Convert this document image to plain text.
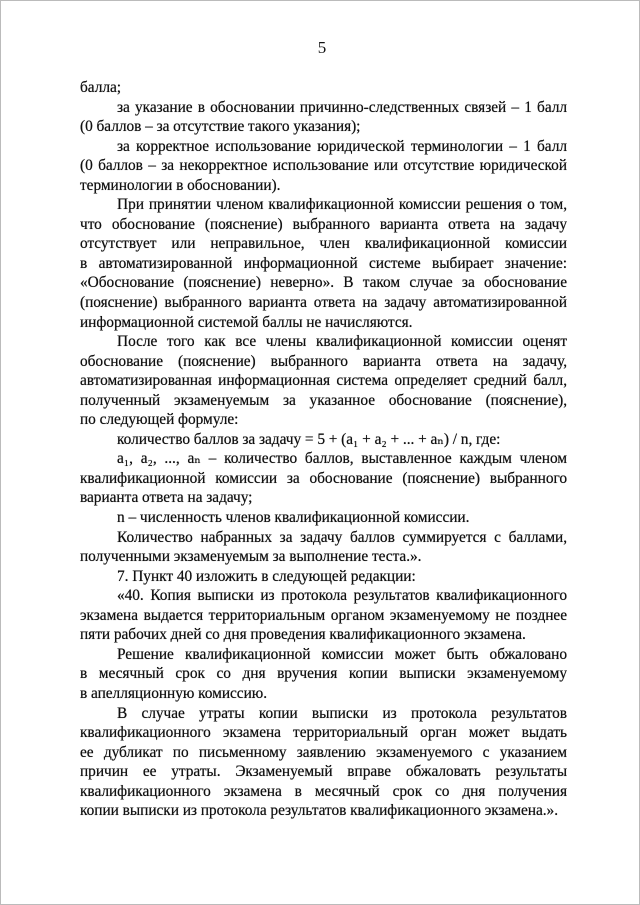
5
балла;
за указание в обосновании причинно-следственных связей – 1 балл
(0 баллов – за отсутствие такого указания);
за корректное использование юридической терминологии – 1 балл
(0 баллов – за некорректное использование или отсутствие юридической
терминологии в обосновании).
При принятии членом квалификационной комиссии решения о том,
что обоснование (пояснение) выбранного варианта ответа на задачу
отсутствует или неправильное, член квалификационной комиссии
в автоматизированной информационной системе выбирает значение:
«Обоснование (пояснение) неверно». В таком случае за обоснование
(пояснение) выбранного варианта ответа на задачу автоматизированной
информационной системой баллы не начисляются.
После того как все члены квалификационной комиссии оценят
обоснование (пояснение) выбранного варианта ответа на задачу,
автоматизированная информационная система определяет средний балл,
полученный экзаменуемым за указанное обоснование (пояснение),
по следующей формуле:
количество баллов за задачу = 5 + (a₁ + a₂ + ... + aₙ) / n, где:
a₁, a₂, ..., aₙ – количество баллов, выставленное каждым членом
квалификационной комиссии за обоснование (пояснение) выбранного
варианта ответа на задачу;
n – численность членов квалификационной комиссии.
Количество набранных за задачу баллов суммируется с баллами,
полученными экзаменуемым за выполнение теста.».
7. Пункт 40 изложить в следующей редакции:
«40. Копия выписки из протокола результатов квалификационного
экзамена выдается территориальным органом экзаменуемому не позднее
пяти рабочих дней со дня проведения квалификационного экзамена.
Решение квалификационной комиссии может быть обжаловано
в месячный срок со дня вручения копии выписки экзаменуемому
в апелляционную комиссию.
В случае утраты копии выписки из протокола результатов
квалификационного экзамена территориальный орган может выдать
ее дубликат по письменному заявлению экзаменуемого с указанием
причин ее утраты. Экзаменуемый вправе обжаловать результаты
квалификационного экзамена в месячный срок со дня получения
копии выписки из протокола результатов квалификационного экзамена.».
